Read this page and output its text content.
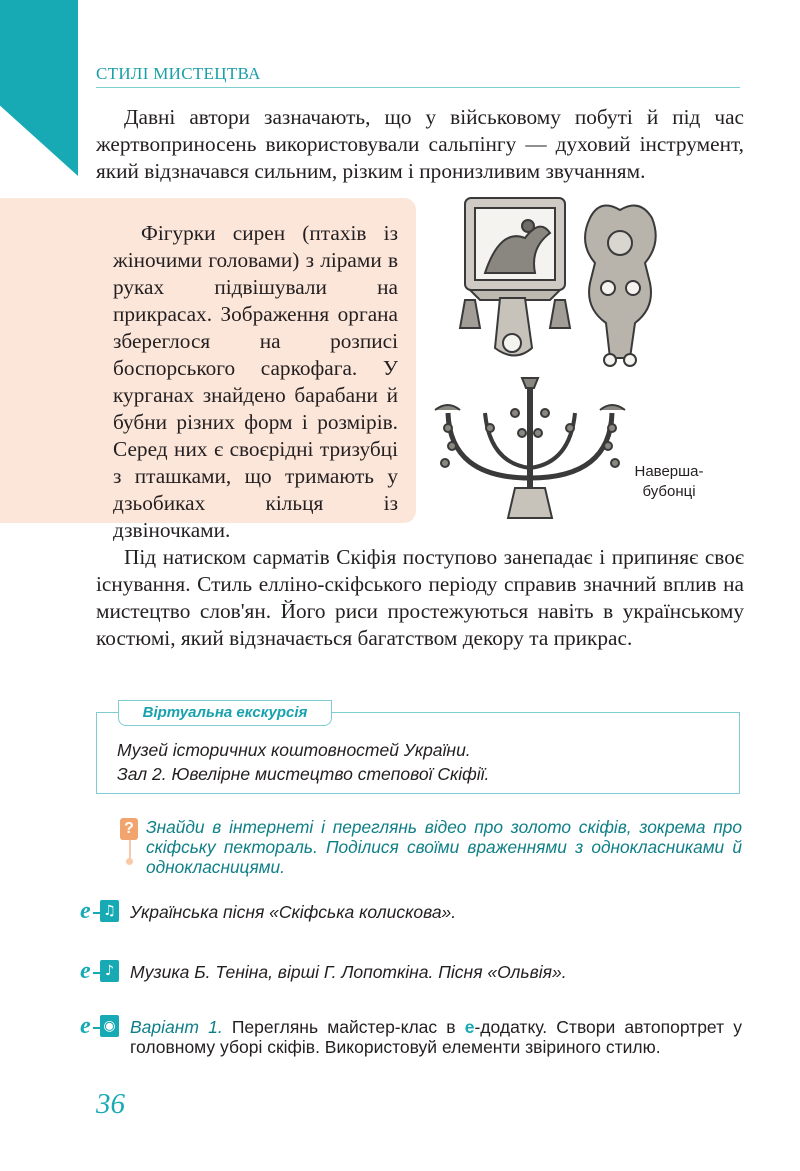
СТИЛІ МИСТЕЦТВА

Давні автори зазначають, що у військовому побуті й під час жертвоприносень використовували сальпінгу — духовий інструмент, який відзначався сильним, різким і пронизливим звучанням.

Фігурки сирен (птахів із жіночими головами) з лірами в руках підвішували на прикрасах. Зображення органа збереглося на розписі боспорського саркофага. У курганах знайдено барабани й бубни різних форм і розмірів. Серед них є своєрідні тризубці з пташками, що тримають у дзьобиках кільця із дзвіночками.

Наверша-бубонці

Під натиском сарматів Скіфія поступово занепадає і припиняє своє існування. Стиль елліно-скіфського періоду справив значний вплив на мистецтво слов'ян. Його риси простежуються навіть в українському костюмі, який відзначається багатством декору та прикрас.

Віртуальна екскурсія
Музей історичних коштовностей України.
Зал 2. Ювелірне мистецтво степової Скіфії.
? Знайди в інтернеті і переглянь відео про золото скіфів, зокрема про скіфську пектораль. Поділися своїми враженнями з однокласниками й однокласницями.

e ♫ Українська пісня «Скіфська колискова».
e	♪ Музика Б. Теніна, вірші Г. Лопоткіна. Пісня «Ольвія».
e ◉ Варіант 1. Переглянь майстер-клас в е-додатку. Створи автопортрет у головному уборі скіфів. Використовуй елементи звіриного стилю.

36
